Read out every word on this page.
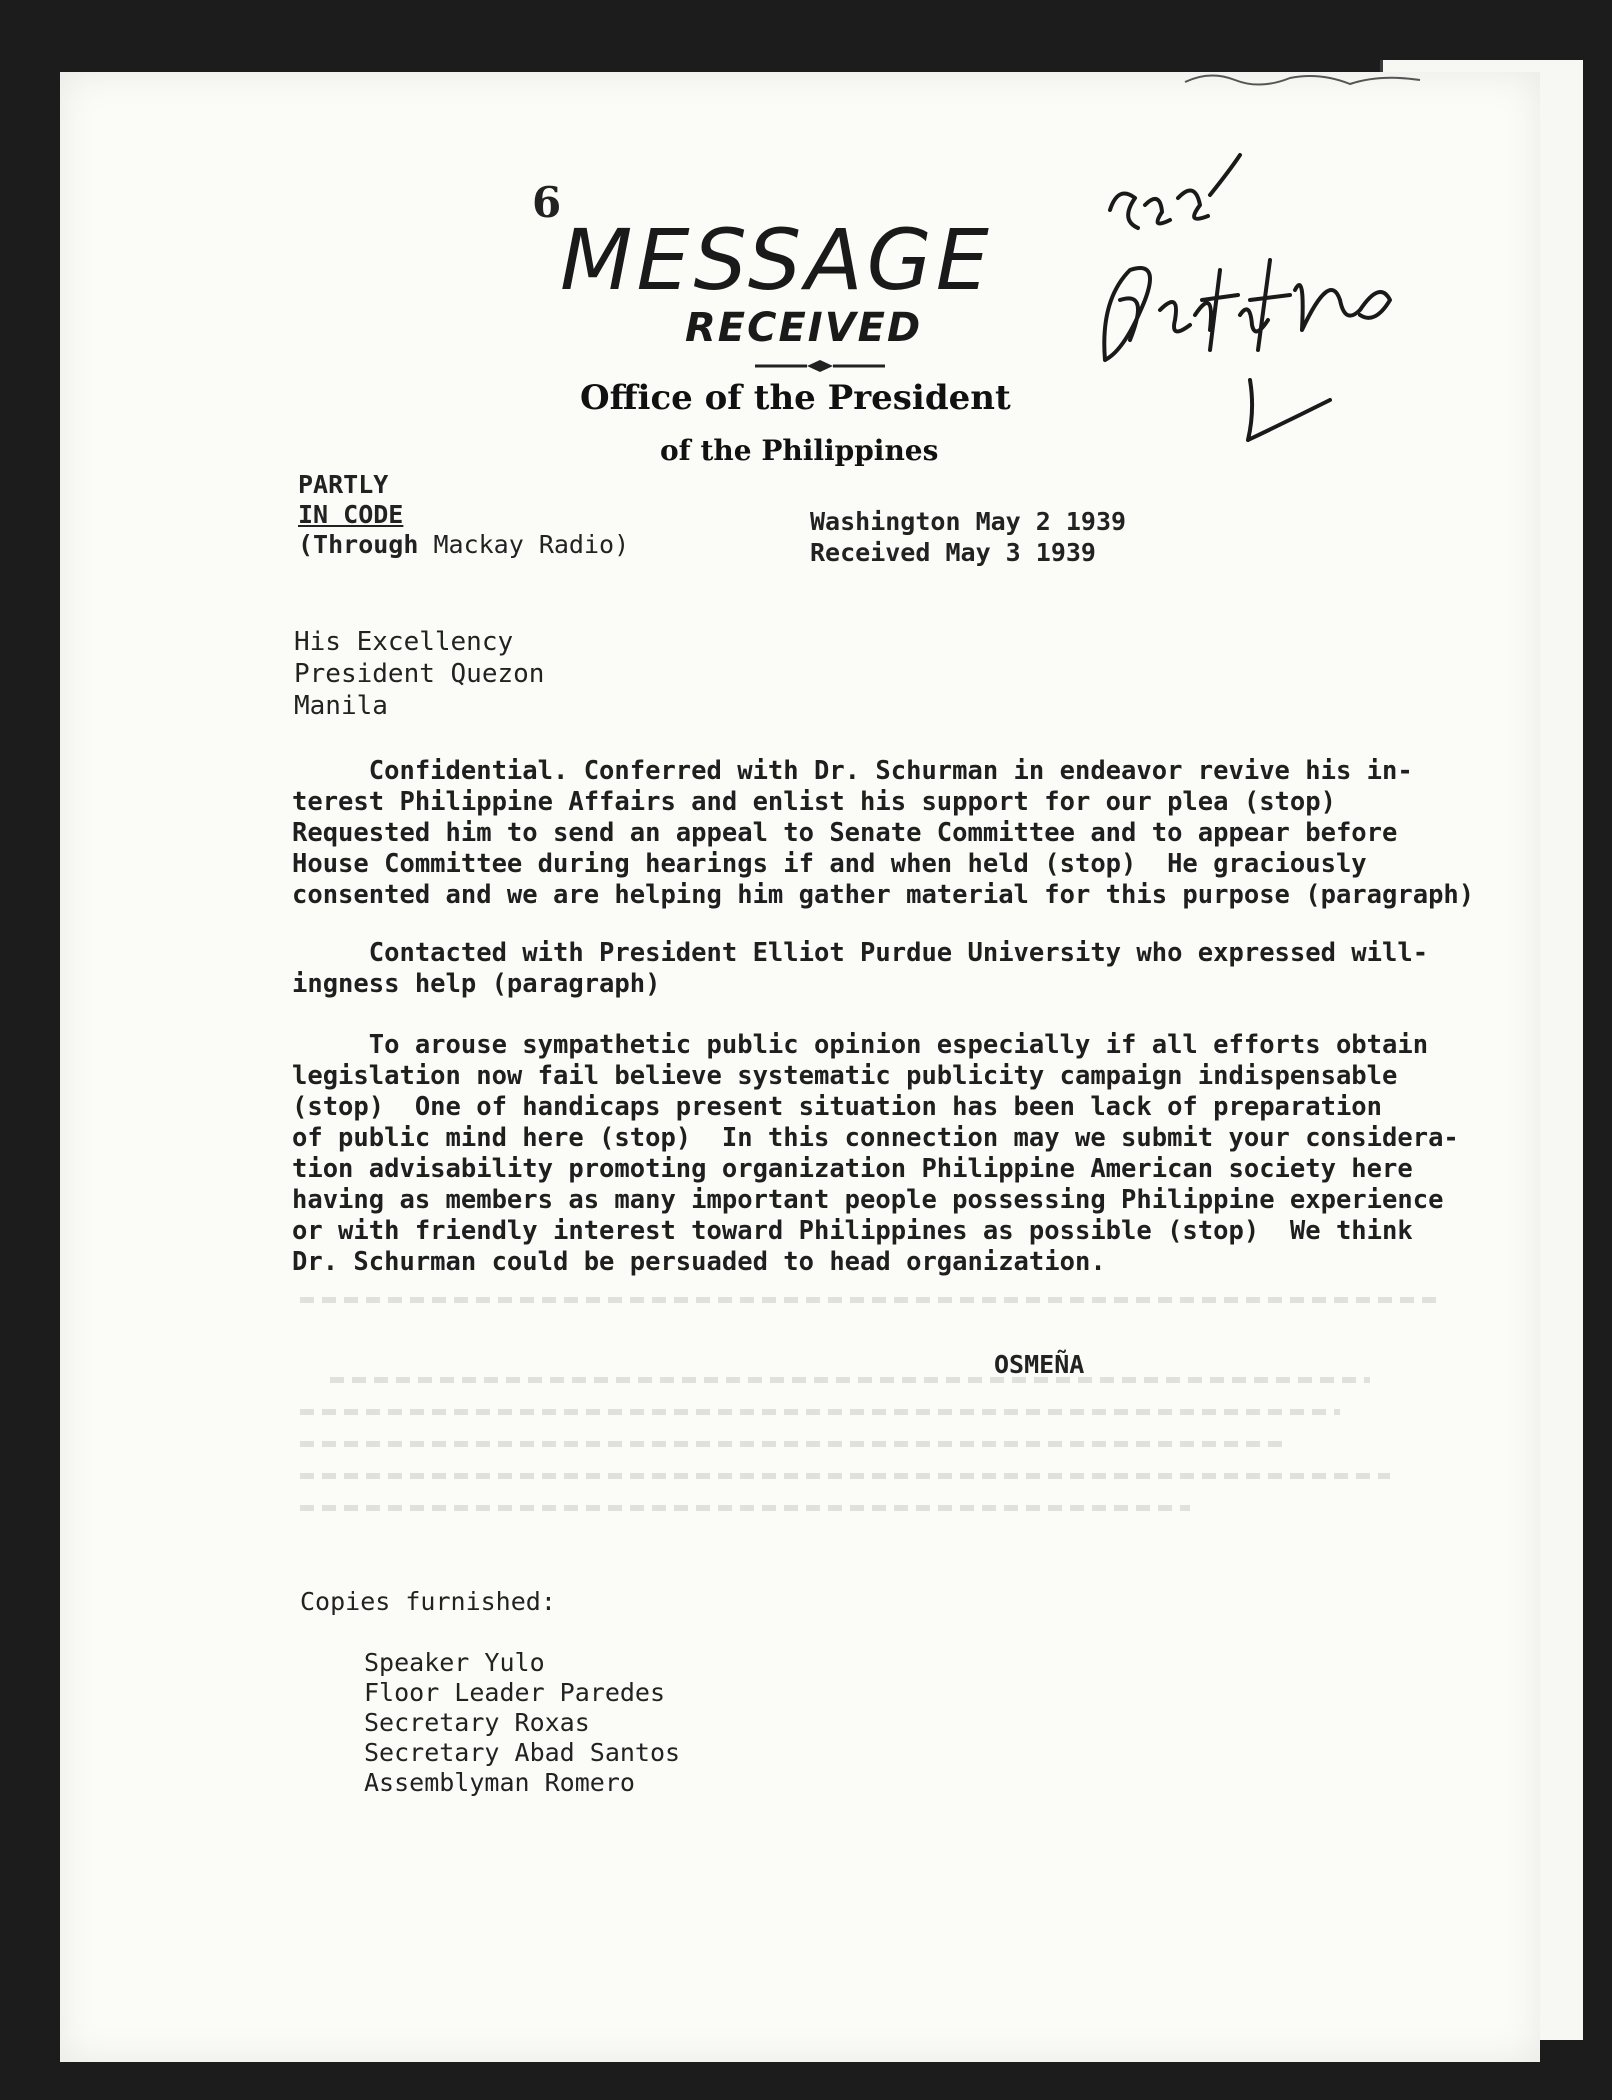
6
MESSAGE
RECEIVED
Office of the President
of the Philippines
PARTLY
IN CODE
(Through Mackay Radio)
Washington May 2 1939
Received May 3 1939
His Excellency
President Quezon
Manila
Confidential. Conferred with Dr. Schurman in endeavor revive his in-
terest Philippine Affairs and enlist his support for our plea (stop)
Requested him to send an appeal to Senate Committee and to appear before
House Committee during hearings if and when held (stop)  He graciously
consented and we are helping him gather material for this purpose (paragraph)
Contacted with President Elliot Purdue University who expressed will-
ingness help (paragraph)
To arouse sympathetic public opinion especially if all efforts obtain
legislation now fail believe systematic publicity campaign indispensable
(stop)  One of handicaps present situation has been lack of preparation
of public mind here (stop)  In this connection may we submit your considera-
tion advisability promoting organization Philippine American society here
having as members as many important people possessing Philippine experience
or with friendly interest toward Philippines as possible (stop)  We think
Dr. Schurman could be persuaded to head organization.
OSMEÑA
Copies furnished:
Speaker Yulo
Floor Leader Paredes
Secretary Roxas
Secretary Abad Santos
Assemblyman Romero
